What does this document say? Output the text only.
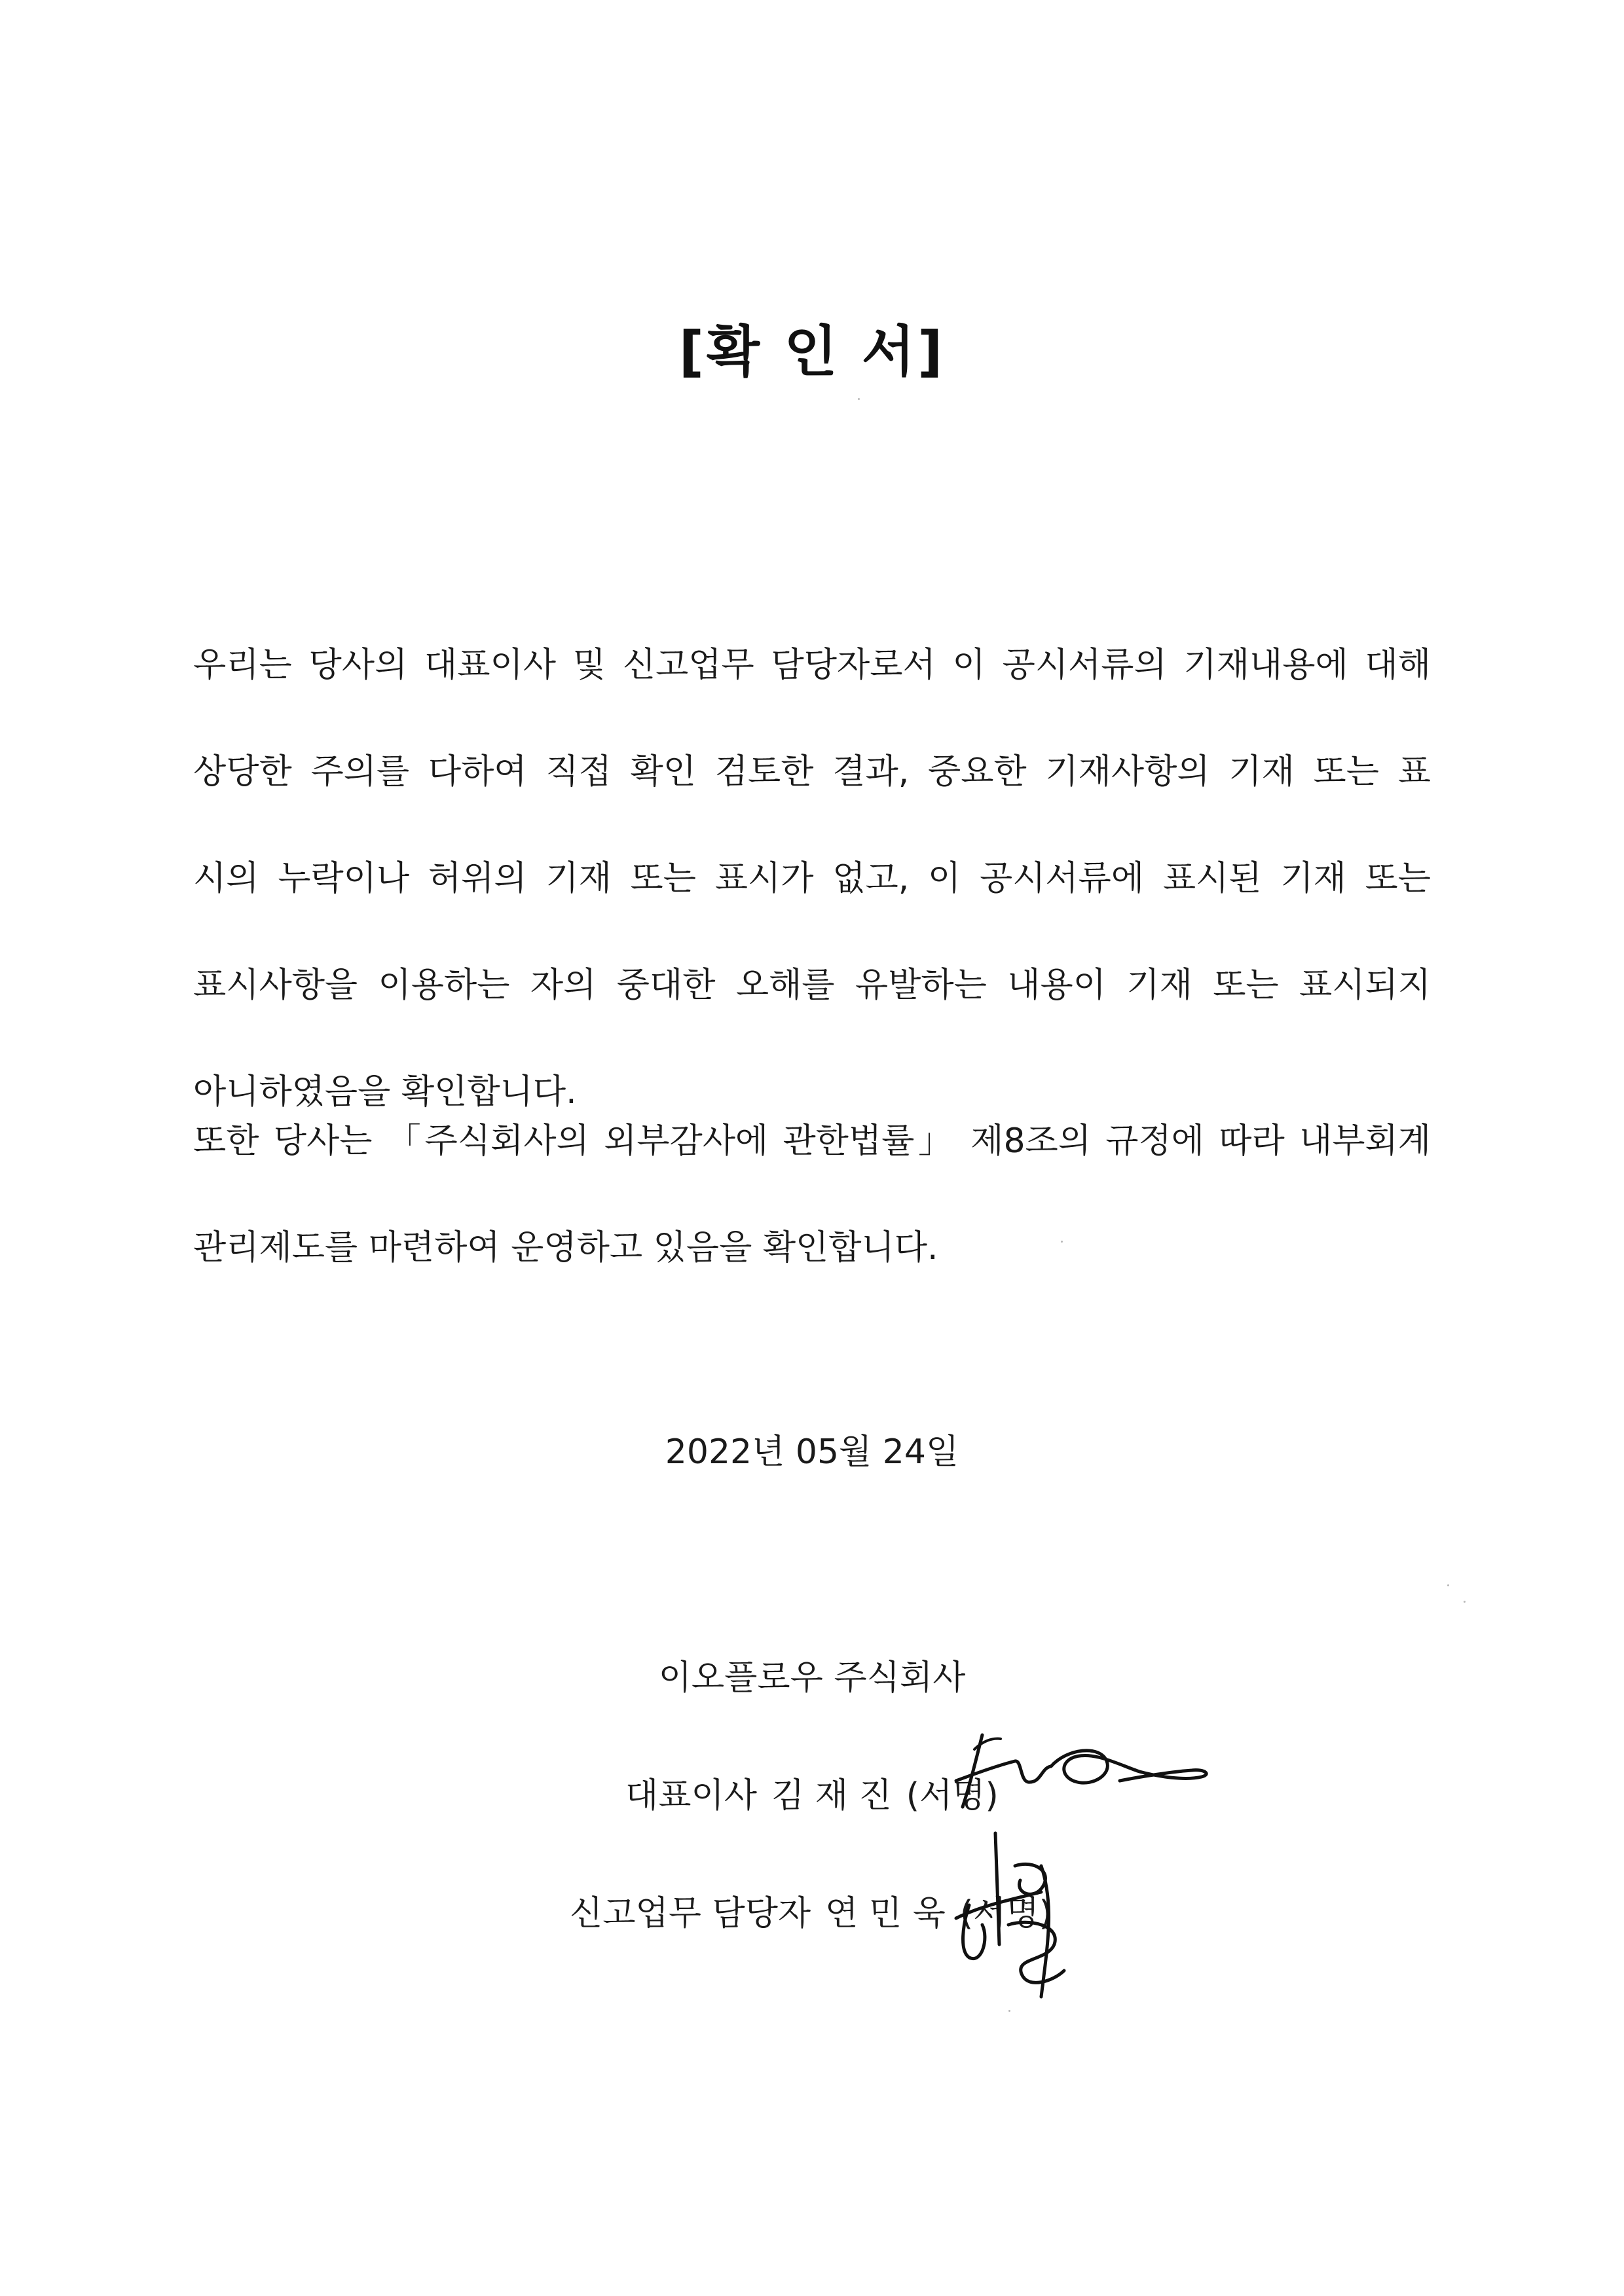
[확 인 서]
우리는 당사의 대표이사 및 신고업무 담당자로서 이 공시서류의 기재내용에 대해
상당한 주의를 다하여 직접 확인 검토한 결과, 중요한 기재사항의 기재 또는 표
시의 누락이나 허위의 기재 또는 표시가 없고, 이 공시서류에 표시된 기재 또는
표시사항을 이용하는 자의 중대한 오해를 유발하는 내용이 기재 또는 표시되지
아니하였음을 확인합니다.
또한 당사는 「주식회사의 외부감사에 관한법률」 제8조의 규정에 따라 내부회계
관리제도를 마련하여 운영하고 있음을 확인합니다.
2022년 05월 24일
이오플로우 주식회사
대표이사 김 재 진 (서명)
신고업무 담당자 연 민 욱 (서명)
